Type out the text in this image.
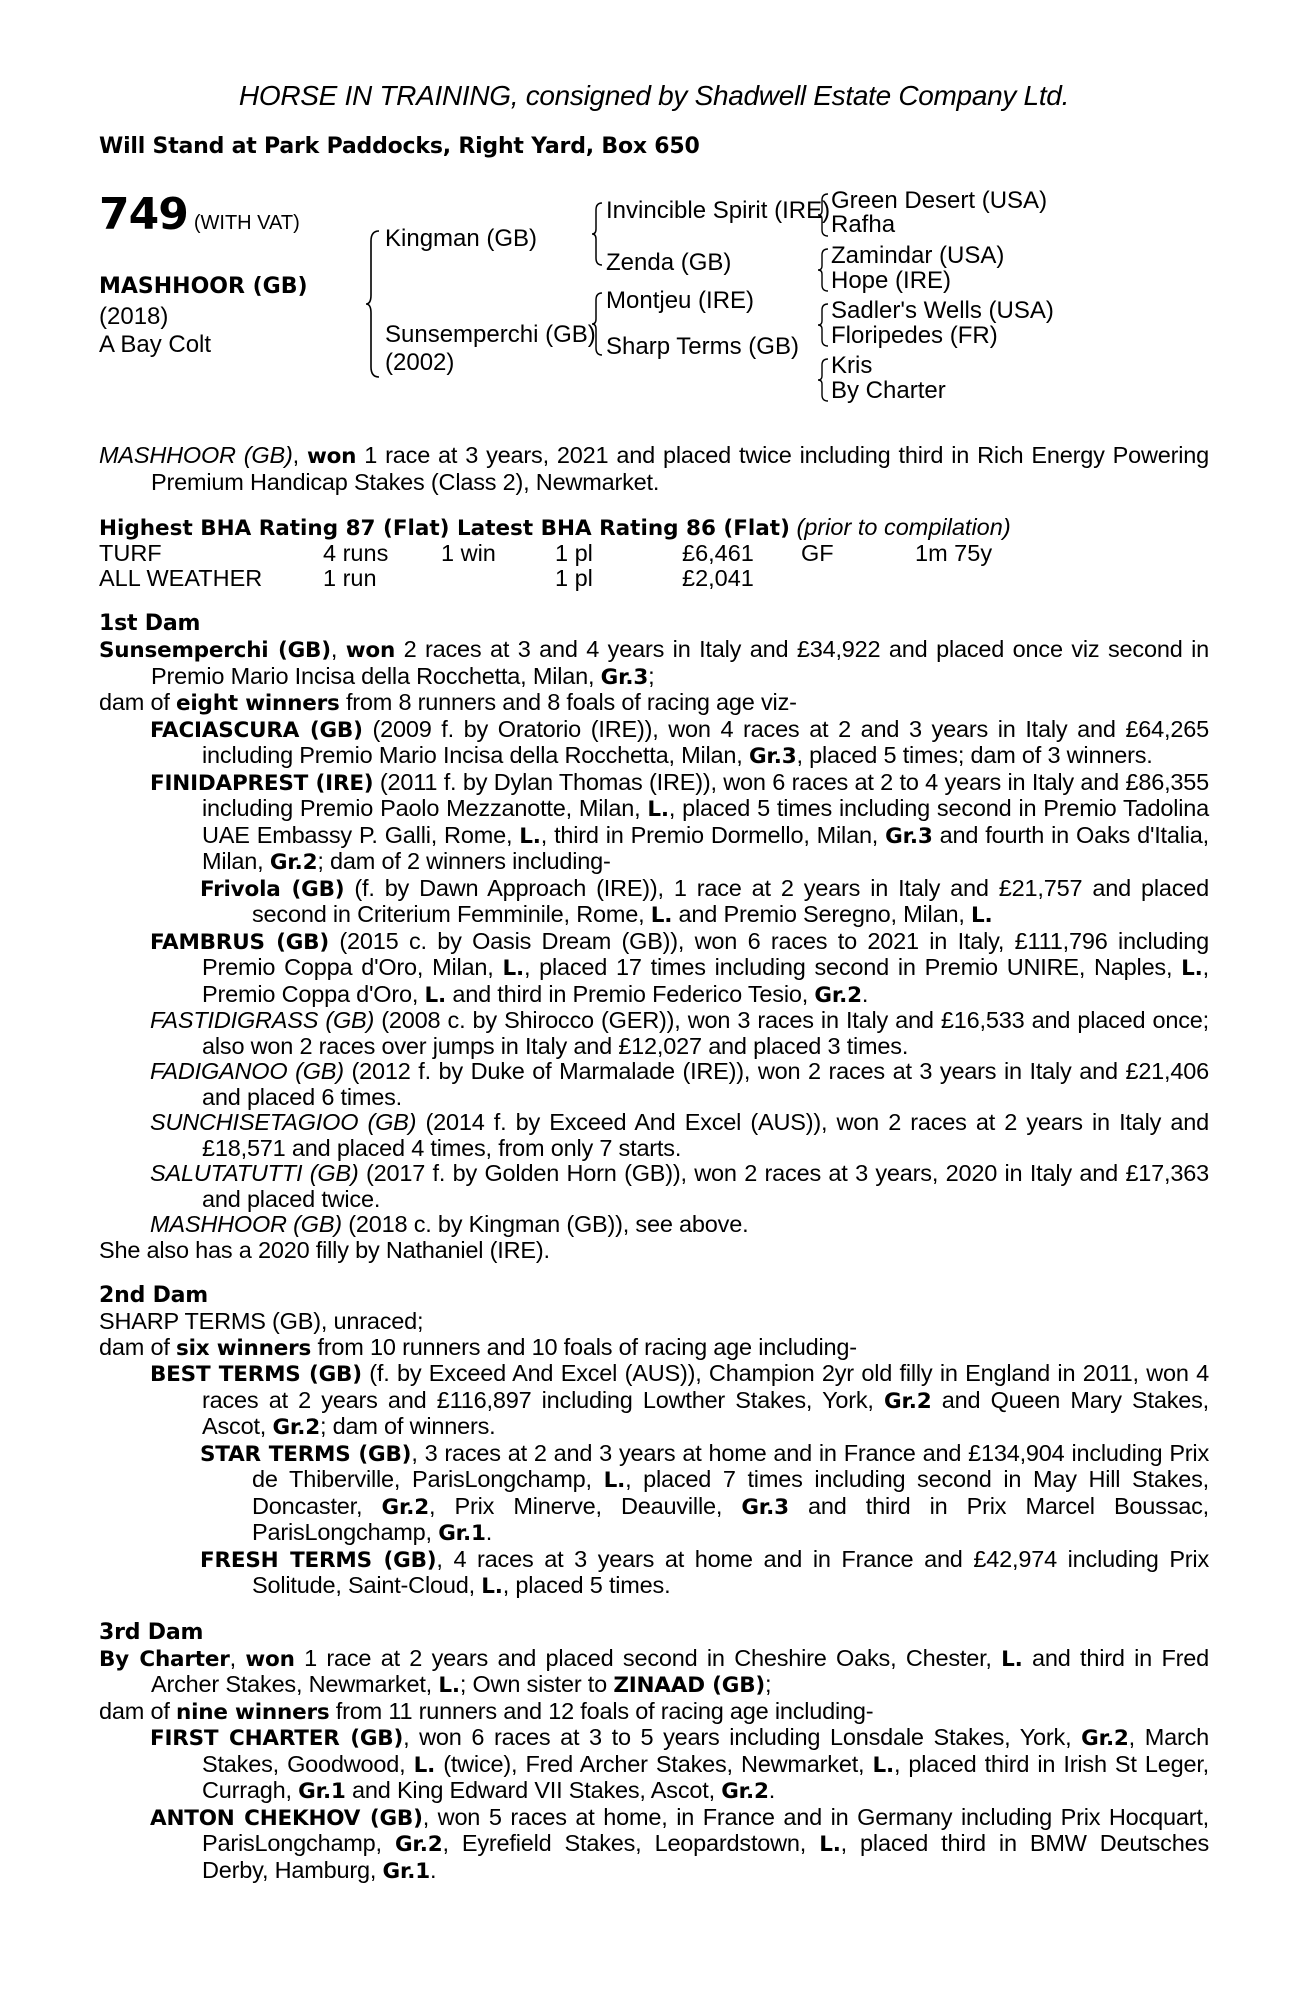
HORSE IN TRAINING, consigned by Shadwell Estate Company Ltd.
Will Stand at Park Paddocks, Right Yard, Box 650
749 (WITH VAT)
MASHHOOR (GB)
(2018)
A Bay Colt
Kingman (GB)
Sunsemperchi (GB)
(2002)
Invincible Spirit (IRE)
Zenda (GB)
Montjeu (IRE)
Sharp Terms (GB)
Green Desert (USA)
Rafha
Zamindar (USA)
Hope (IRE)
Sadler's Wells (USA)
Floripedes (FR)
Kris
By Charter

MASHHOOR (GB), won 1 race at 3 years, 2021 and placed twice including third in Rich Energy Powering Premium Handicap Stakes (Class 2), Newmarket.

Highest BHA Rating 87 (Flat) Latest BHA Rating 86 (Flat) (prior to compilation)

TURF	4 runs 1 win	1 pl	£6,461 GF	1m 75y
ALL WEATHER	1 run	1 pl	£2,041

1st Dam

Sunsemperchi (GB), won 2 races at 3 and 4 years in Italy and £34,922 and placed once viz second in Premio Mario Incisa della Rocchetta, Milan, Gr.3;

dam of eight winners from 8 runners and 8 foals of racing age viz-

FACIASCURA (GB) (2009 f. by Oratorio (IRE)), won 4 races at 2 and 3 years in Italy and £64,265 including Premio Mario Incisa della Rocchetta, Milan, Gr.3, placed 5 times; dam of 3 winners.

FINIDAPREST (IRE) (2011 f. by Dylan Thomas (IRE)), won 6 races at 2 to 4 years in Italy and £86,355 including Premio Paolo Mezzanotte, Milan, L., placed 5 times including second in Premio Tadolina UAE Embassy P. Galli, Rome, L., third in Premio Dormello, Milan, Gr.3 and fourth in Oaks d'Italia, Milan, Gr.2; dam of 2 winners including-

Frivola (GB) (f. by Dawn Approach (IRE)), 1 race at 2 years in Italy and £21,757 and placed second in Criterium Femminile, Rome, L. and Premio Seregno, Milan, L.

FAMBRUS (GB) (2015 c. by Oasis Dream (GB)), won 6 races to 2021 in Italy, £111,796 including Premio Coppa d'Oro, Milan, L., placed 17 times including second in Premio UNIRE, Naples, L., Premio Coppa d'Oro, L. and third in Premio Federico Tesio, Gr.2.

FASTIDIGRASS (GB) (2008 c. by Shirocco (GER)), won 3 races in Italy and £16,533 and placed once; also won 2 races over jumps in Italy and £12,027 and placed 3 times.

FADIGANOO (GB) (2012 f. by Duke of Marmalade (IRE)), won 2 races at 3 years in Italy and £21,406 and placed 6 times.

SUNCHISETAGIOO (GB) (2014 f. by Exceed And Excel (AUS)), won 2 races at 2 years in Italy and £18,571 and placed 4 times, from only 7 starts.

SALUTATUTTI (GB) (2017 f. by Golden Horn (GB)), won 2 races at 3 years, 2020 in Italy and £17,363 and placed twice.

MASHHOOR (GB) (2018 c. by Kingman (GB)), see above.

She also has a 2020 filly by Nathaniel (IRE).

2nd Dam

SHARP TERMS (GB), unraced;

dam of six winners from 10 runners and 10 foals of racing age including-

BEST TERMS (GB) (f. by Exceed And Excel (AUS)), Champion 2yr old filly in England in 2011, won 4 races at 2 years and £116,897 including Lowther Stakes, York, Gr.2 and Queen Mary Stakes, Ascot, Gr.2; dam of winners.

STAR TERMS (GB), 3 races at 2 and 3 years at home and in France and £134,904 including Prix de Thiberville, ParisLongchamp, L., placed 7 times including second in May Hill Stakes, Doncaster, Gr.2, Prix Minerve, Deauville, Gr.3 and third in Prix Marcel Boussac, ParisLongchamp, Gr.1.

FRESH TERMS (GB), 4 races at 3 years at home and in France and £42,974 including Prix Solitude, Saint-Cloud, L., placed 5 times.

3rd Dam

By Charter, won 1 race at 2 years and placed second in Cheshire Oaks, Chester, L. and third in Fred Archer Stakes, Newmarket, L.; Own sister to ZINAAD (GB);

dam of nine winners from 11 runners and 12 foals of racing age including-

FIRST CHARTER (GB), won 6 races at 3 to 5 years including Lonsdale Stakes, York, Gr.2, March Stakes, Goodwood, L. (twice), Fred Archer Stakes, Newmarket, L., placed third in Irish St Leger, Curragh, Gr.1 and King Edward VII Stakes, Ascot, Gr.2.

ANTON CHEKHOV (GB), won 5 races at home, in France and in Germany including Prix Hocquart, ParisLongchamp, Gr.2, Eyrefield Stakes, Leopardstown, L., placed third in BMW Deutsches Derby, Hamburg, Gr.1.
